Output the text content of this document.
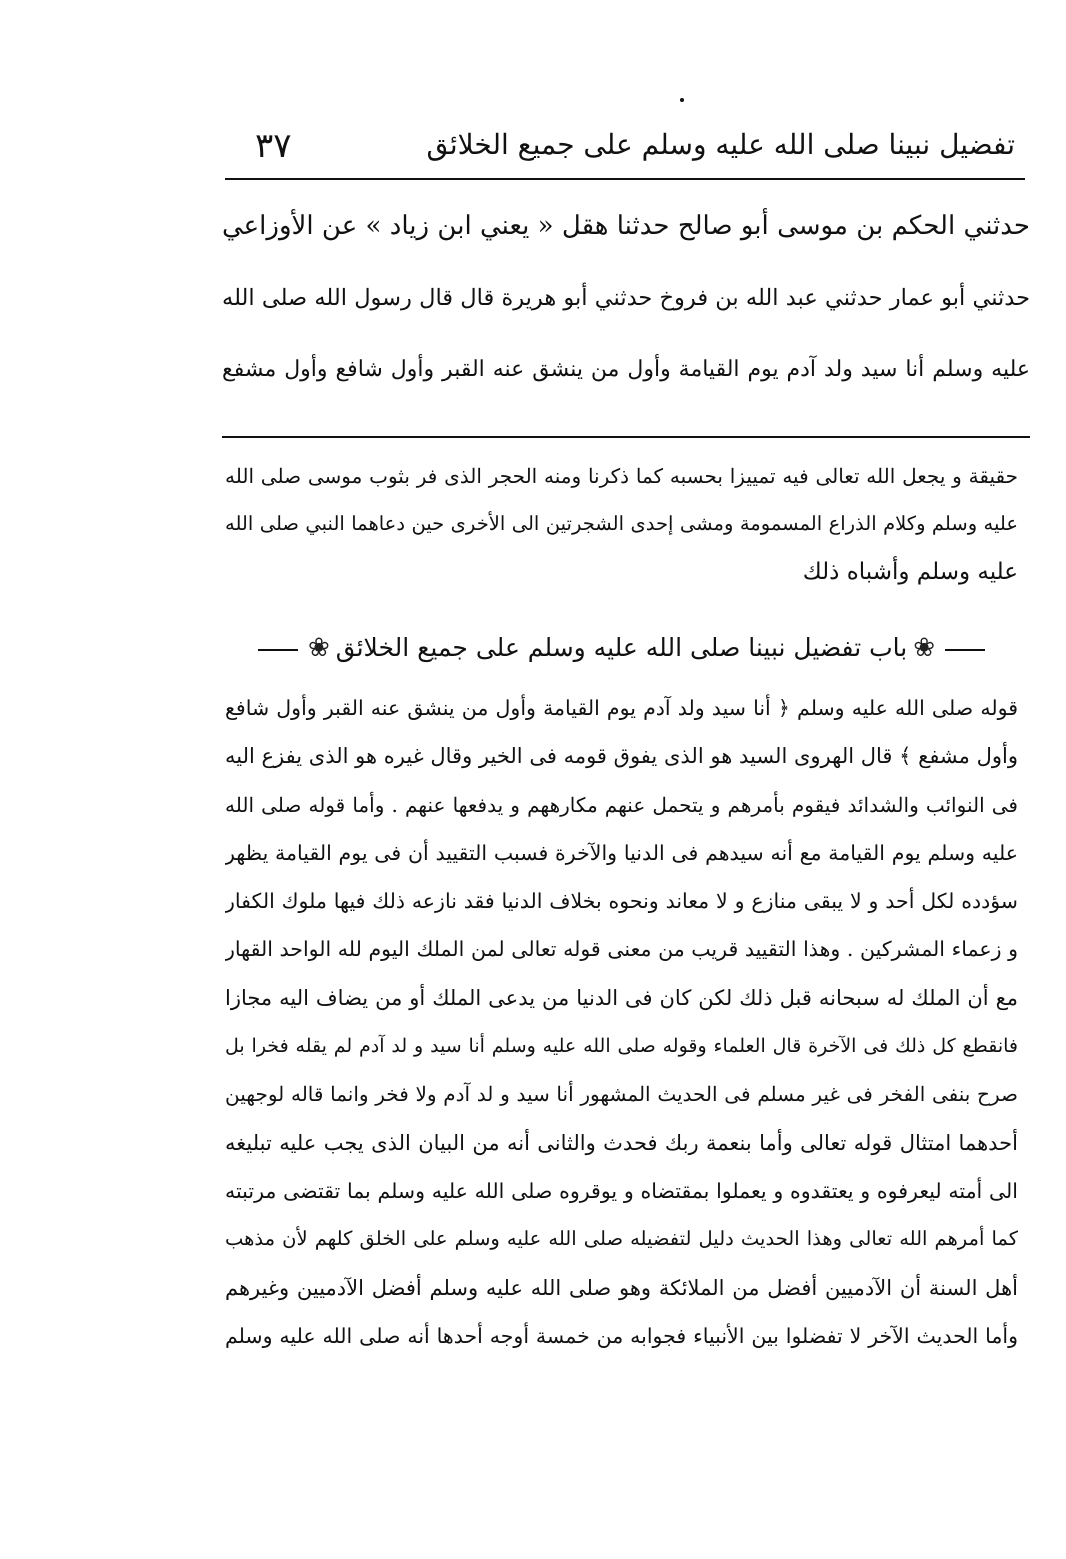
٣٧	تفضيل نبينا صلى الله عليه وسلم على جميع الخلائق
حدثني الحكم بن موسى أبو صالح حدثنا هقل « يعني ابن زياد » عن الأوزاعي
حدثني أبو عمار حدثني عبد الله بن فروخ حدثني أبو هريرة قال قال رسول الله صلى الله
عليه وسلم أنا سيد ولد آدم يوم القيامة وأول من ينشق عنه القبر وأول شافع وأول مشفع
حقيقة و يجعل الله تعالى فيه تمييزا بحسبه كما ذكرنا ومنه الحجر الذى فر بثوب موسى صلى الله
عليه وسلم وكلام الذراع المسمومة ومشى إحدى الشجرتين الى الأخرى حين دعاهما النبي صلى الله
عليه وسلم وأشباه ذلك
❀باب تفضيل نبينا صلى الله عليه وسلم على جميع الخلائق❀
قوله صلى الله عليه وسلم ﴿ أنا سيد ولد آدم يوم القيامة وأول من ينشق عنه القبر وأول شافع
وأول مشفع ﴾ قال الهروى السيد هو الذى يفوق قومه فى الخير وقال غيره هو الذى يفزع اليه
فى النوائب والشدائد فيقوم بأمرهم و يتحمل عنهم مكارههم و يدفعها عنهم . وأما قوله صلى الله
عليه وسلم يوم القيامة مع أنه سيدهم فى الدنيا والآخرة فسبب التقييد أن فى يوم القيامة يظهر
سؤدده لكل أحد و لا يبقى منازع و لا معاند ونحوه بخلاف الدنيا فقد نازعه ذلك فيها ملوك الكفار
و زعماء المشركين . وهذا التقييد قريب من معنى قوله تعالى لمن الملك اليوم لله الواحد القهار
مع أن الملك له سبحانه قبل ذلك لكن كان فى الدنيا من يدعى الملك أو من يضاف اليه مجازا
فانقطع كل ذلك فى الآخرة قال العلماء وقوله صلى الله عليه وسلم أنا سيد و لد آدم لم يقله فخرا بل
صرح بنفى الفخر فى غير مسلم فى الحديث المشهور أنا سيد و لد آدم ولا فخر وانما قاله لوجهين
أحدهما امتثال قوله تعالى وأما بنعمة ربك فحدث والثانى أنه من البيان الذى يجب عليه تبليغه
الى أمته ليعرفوه و يعتقدوه و يعملوا بمقتضاه و يوقروه صلى الله عليه وسلم بما تقتضى مرتبته
كما أمرهم الله تعالى وهذا الحديث دليل لتفضيله صلى الله عليه وسلم على الخلق كلهم لأن مذهب
أهل السنة أن الآدميين أفضل من الملائكة وهو صلى الله عليه وسلم أفضل الآدميين وغيرهم
وأما الحديث الآخر لا تفضلوا بين الأنبياء فجوابه من خمسة أوجه أحدها أنه صلى الله عليه وسلم
